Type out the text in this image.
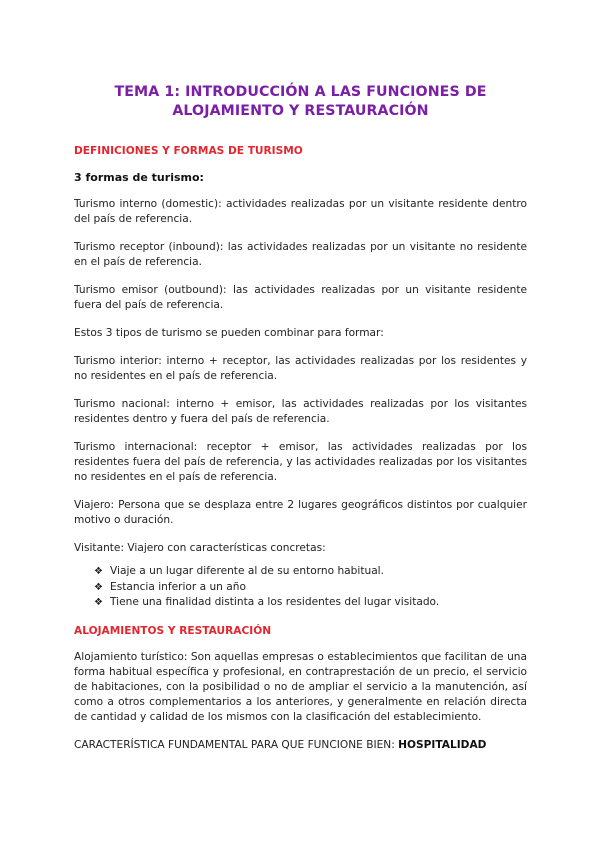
TEMA 1: INTRODUCCIÓN A LAS FUNCIONES DE ALOJAMIENTO Y RESTAURACIÓN
DEFINICIONES Y FORMAS DE TURISMO
3 formas de turismo:

Turismo interno (domestic): actividades realizadas por un visitante residente dentro del país de referencia.

Turismo receptor (inbound): las actividades realizadas por un visitante no residente en el país de referencia.

Turismo emisor (outbound): las actividades realizadas por un visitante residente fuera del país de referencia.

Estos 3 tipos de turismo se pueden combinar para formar:

Turismo interior: interno + receptor, las actividades realizadas por los residentes y no residentes en el país de referencia.

Turismo nacional: interno + emisor, las actividades realizadas por los visitantes residentes dentro y fuera del país de referencia.

Turismo internacional: receptor + emisor, las actividades realizadas por los residentes fuera del país de referencia, y las actividades realizadas por los visitantes no residentes en el país de referencia.

Viajero: Persona que se desplaza entre 2 lugares geográficos distintos por cualquier motivo o duración.

Visitante: Viajero con características concretas:

❖ Viaje a un lugar diferente al de su entorno habitual.
❖ Estancia inferior a un año
❖ Tiene una finalidad distinta a los residentes del lugar visitado.
ALOJAMIENTOS Y RESTAURACIÓN

Alojamiento turístico: Son aquellas empresas o establecimientos que facilitan de una forma habitual específica y profesional, en contraprestación de un precio, el servicio de habitaciones, con la posibilidad o no de ampliar el servicio a la manutención, así como a otros complementarios a los anteriores, y generalmente en relación directa de cantidad y calidad de los mismos con la clasificación del establecimiento.

CARACTERÍSTICA FUNDAMENTAL PARA QUE FUNCIONE BIEN: HOSPITALIDAD
